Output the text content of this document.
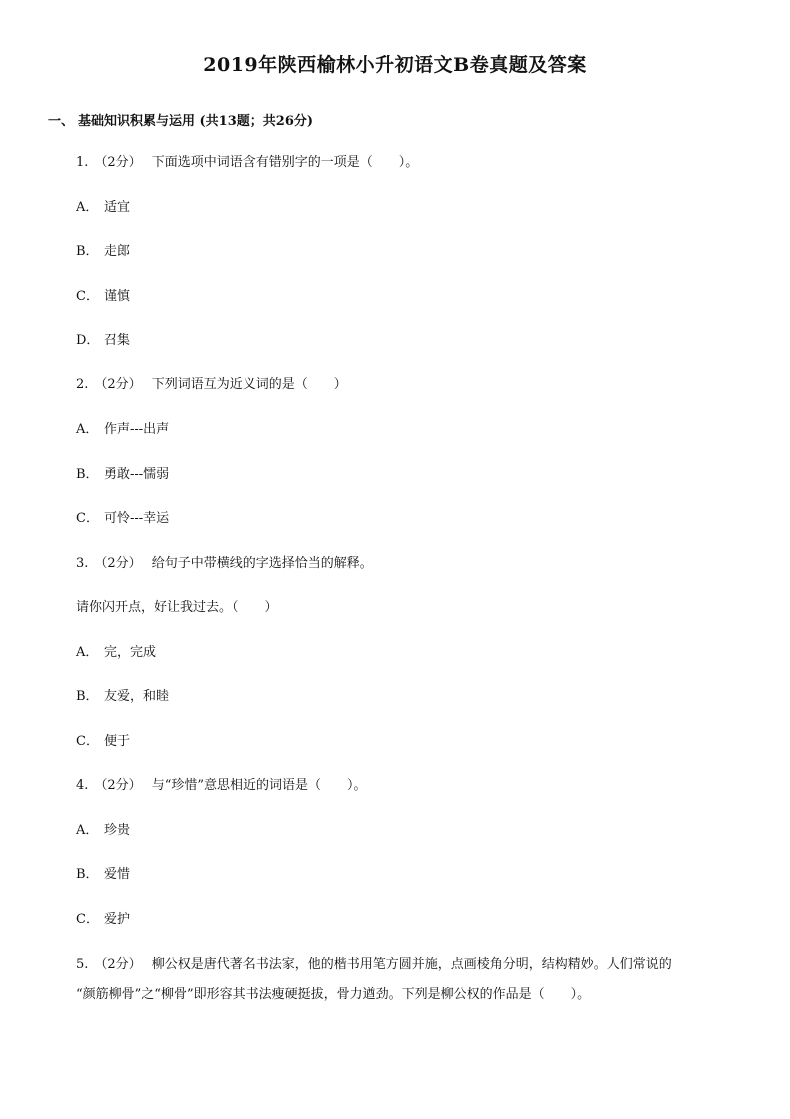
2019年陕西榆林小升初语文B卷真题及答案
一、 基础知识积累与运用 (共13题；共26分)
1. （2分） 下面选项中词语含有错别字的一项是（　　）。
A． 适宜
B． 走郎
C． 谨慎
D． 召集
2. （2分） 下列词语互为近义词的是（　　）
A． 作声---出声
B． 勇敢---懦弱
C． 可怜---幸运
3. （2分） 给句子中带横线的字选择恰当的解释。
请你闪开点，好让我过去。（　　）
A． 完，完成
B． 友爱，和睦
C． 便于
4. （2分） 与“珍惜”意思相近的词语是（　　）。
A． 珍贵
B． 爱惜
C． 爱护
5. （2分） 柳公权是唐代著名书法家，他的楷书用笔方圆并施，点画棱角分明，结构精妙。人们常说的
“颜筋柳骨”之“柳骨”即形容其书法瘦硬挺拔，骨力遒劲。下列是柳公权的作品是（　　）。
